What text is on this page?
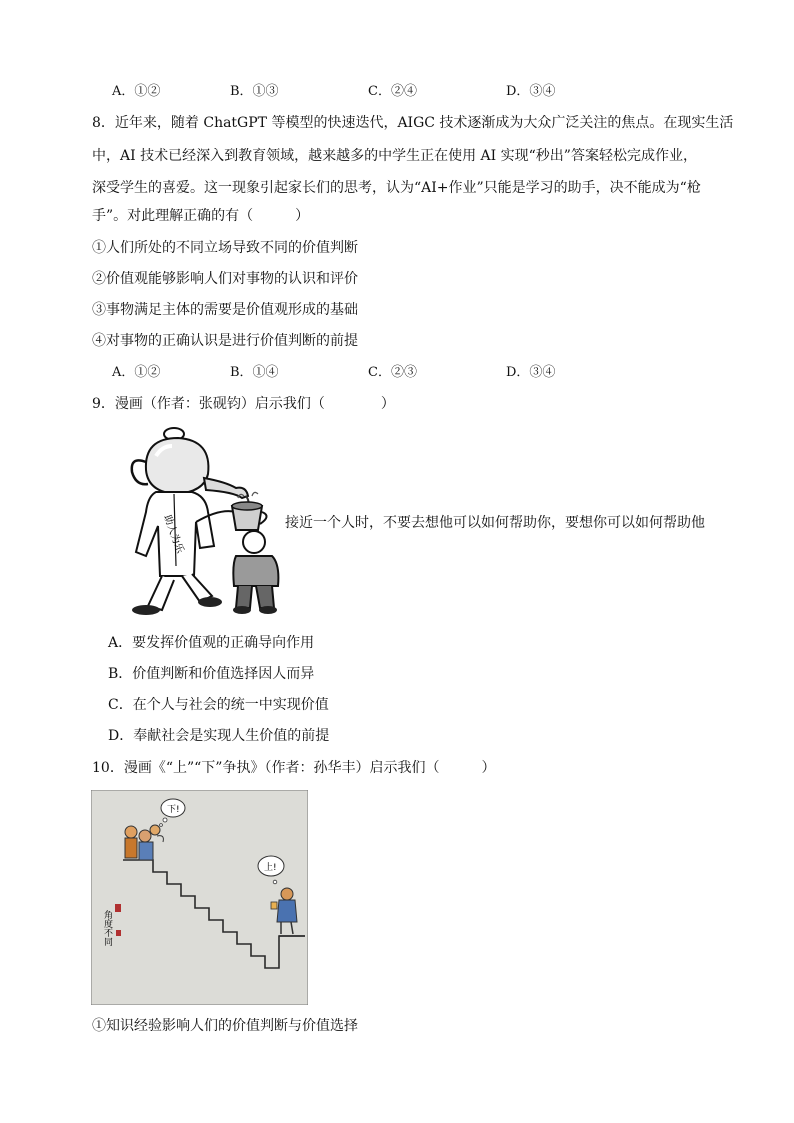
A．①②	B．①③	C．②④	D．③④
8．近年来，随着 ChatGPT 等模型的快速迭代，AIGC 技术逐渐成为大众广泛关注的焦点。在现实生活
中，AI 技术已经深入到教育领域，越来越多的中学生正在使用 AI 实现“秒出”答案轻松完成作业，
深受学生的喜爱。这一现象引起家长们的思考，认为“AI+作业”只能是学习的助手，决不能成为“枪
手”。对此理解正确的有（　　　）
①人们所处的不同立场导致不同的价值判断
②价值观能够影响人们对事物的认识和评价
③事物满足主体的需要是价值观形成的基础
④对事物的正确认识是进行价值判断的前提
A．①②	B．①④	C．②③	D．③④
9．漫画（作者：张砚钧）启示我们（　　　　）
助人为乐	接近一个人时，不要去想他可以如何帮助你，要想你可以如何帮助他
A．要发挥价值观的正确导向作用
B．价值判断和价值选择因人而异
C．在个人与社会的统一中实现价值
D．奉献社会是实现人生价值的前提
10．漫画《“上”“下”争执》（作者：孙华丰）启示我们（　　　）
下!
上!
角度不同
①知识经验影响人们的价值判断与价值选择
